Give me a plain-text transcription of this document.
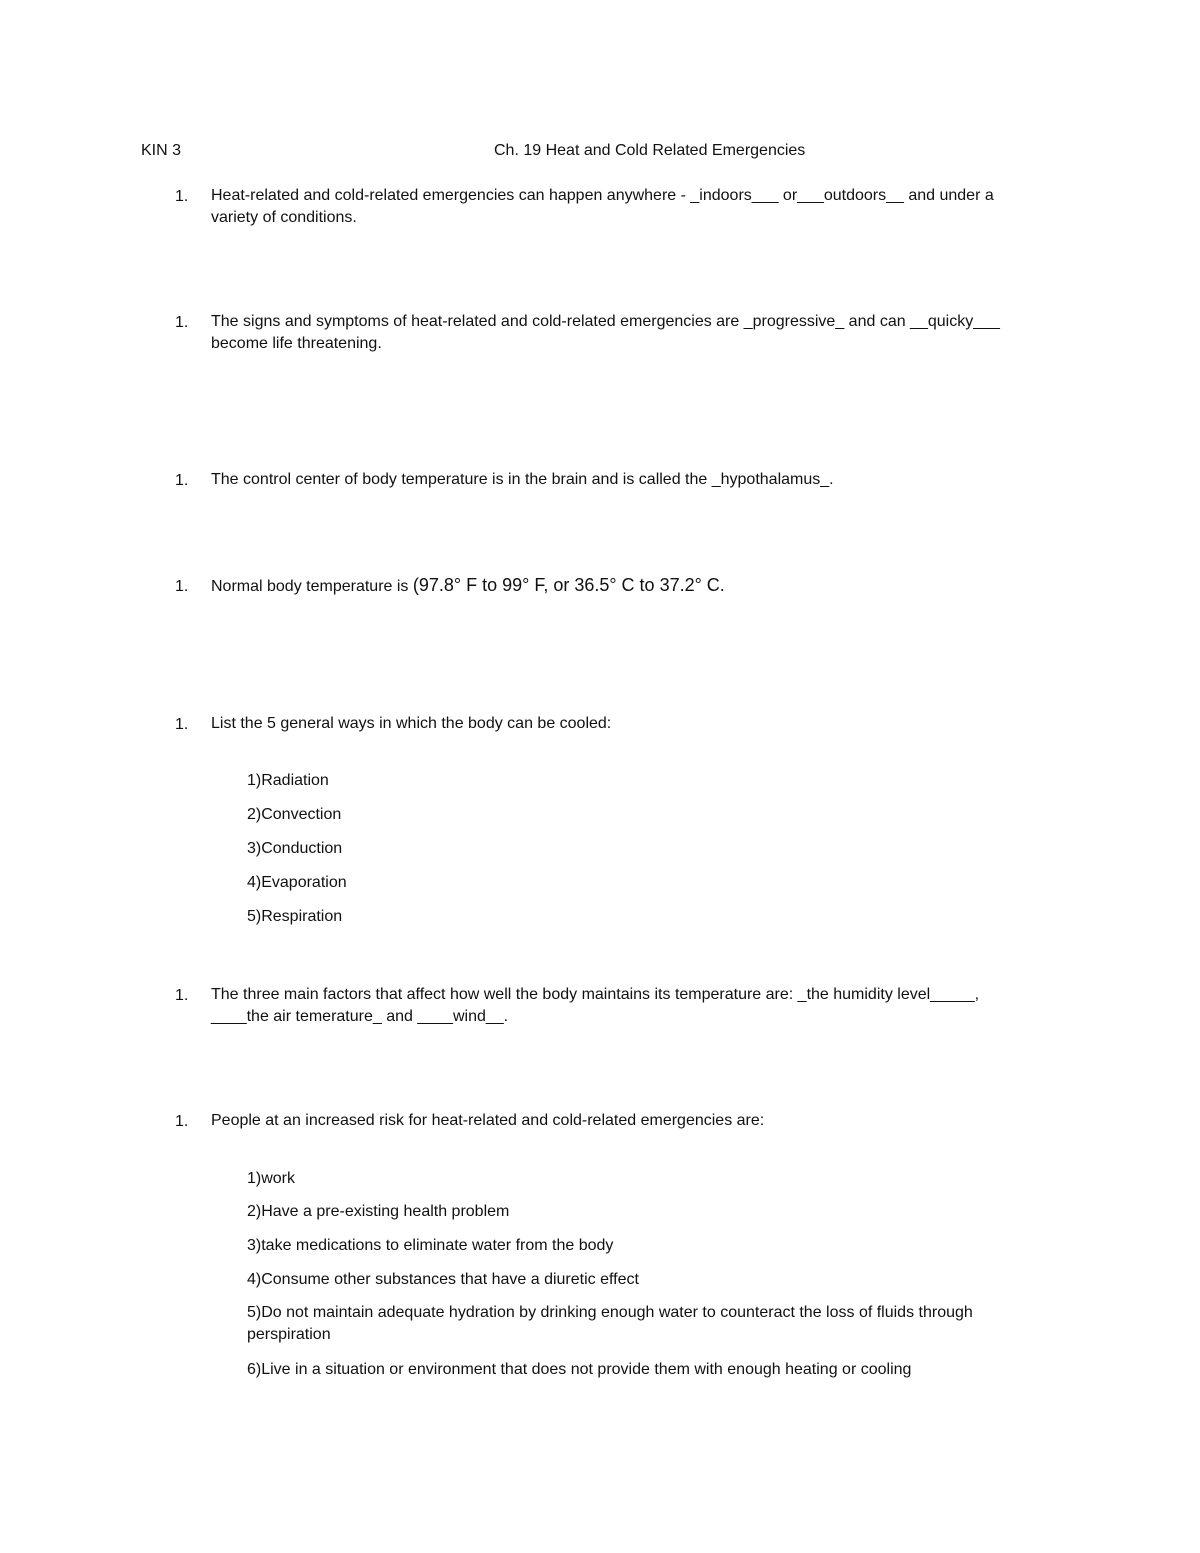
KIN 3	Ch. 19 Heat and Cold Related Emergencies
1. Heat-related and cold-related emergencies can happen anywhere - _indoors___ or___outdoors__ and under a variety of conditions.
1. The signs and symptoms of heat-related and cold-related emergencies are _progressive_ and can __quicky___ become life threatening.
1. The control center of body temperature is in the brain and is called the _hypothalamus_.
1. Normal body temperature is (97.8° F to 99° F, or 36.5° C to 37.2° C.
1. List the 5 general ways in which the body can be cooled:
1)Radiation
2)Convection
3)Conduction
4)Evaporation
5)Respiration
1. The three main factors that affect how well the body maintains its temperature are: _the humidity level_____, ____the air temerature_ and ____wind__.
1. People at an increased risk for heat-related and cold-related emergencies are:
1)work
2)Have a pre-existing health problem
3)take medications to eliminate water from the body
4)Consume other substances that have a diuretic effect
5)Do not maintain adequate hydration by drinking enough water to counteract the loss of fluids through perspiration
6)Live in a situation or environment that does not provide them with enough heating or cooling
